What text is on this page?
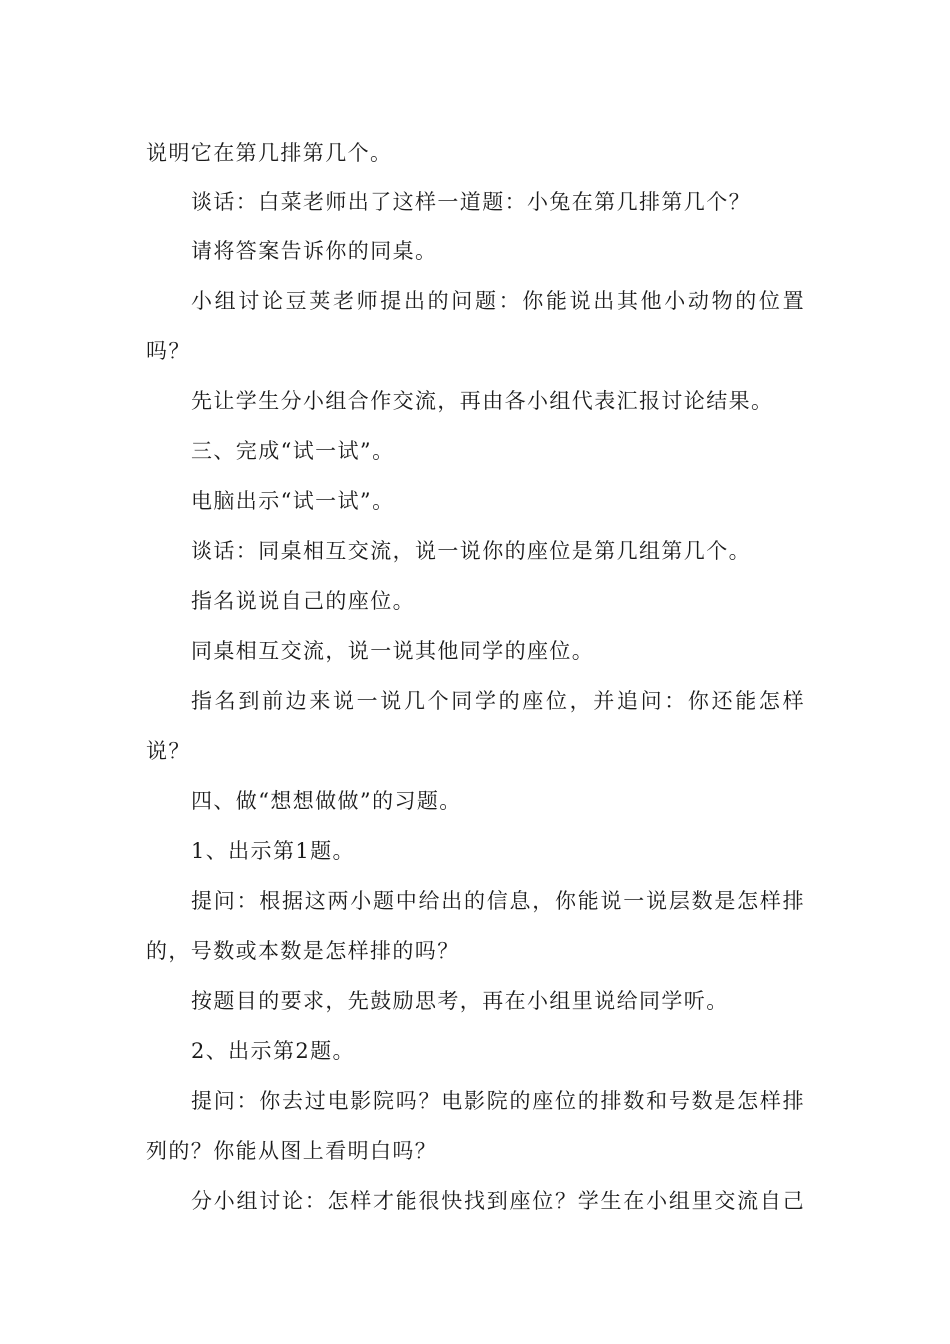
说明它在第几排第几个。
谈话：白菜老师出了这样一道题：小兔在第几排第几个？
请将答案告诉你的同桌。
小组讨论豆荚老师提出的问题：你能说出其他小动物的位置
吗？
先让学生分小组合作交流，再由各小组代表汇报讨论结果。
三、完成“试一试”。
电脑出示“试一试”。
谈话：同桌相互交流，说一说你的座位是第几组第几个。
指名说说自己的座位。
同桌相互交流，说一说其他同学的座位。
指名到前边来说一说几个同学的座位，并追问：你还能怎样
说？
四、做“想想做做”的习题。
1、出示第1题。
提问：根据这两小题中给出的信息，你能说一说层数是怎样排
的，号数或本数是怎样排的吗？
按题目的要求，先鼓励思考，再在小组里说给同学听。
2、出示第2题。
提问：你去过电影院吗？电影院的座位的排数和号数是怎样排
列的？你能从图上看明白吗？
分小组讨论：怎样才能很快找到座位？学生在小组里交流自己
